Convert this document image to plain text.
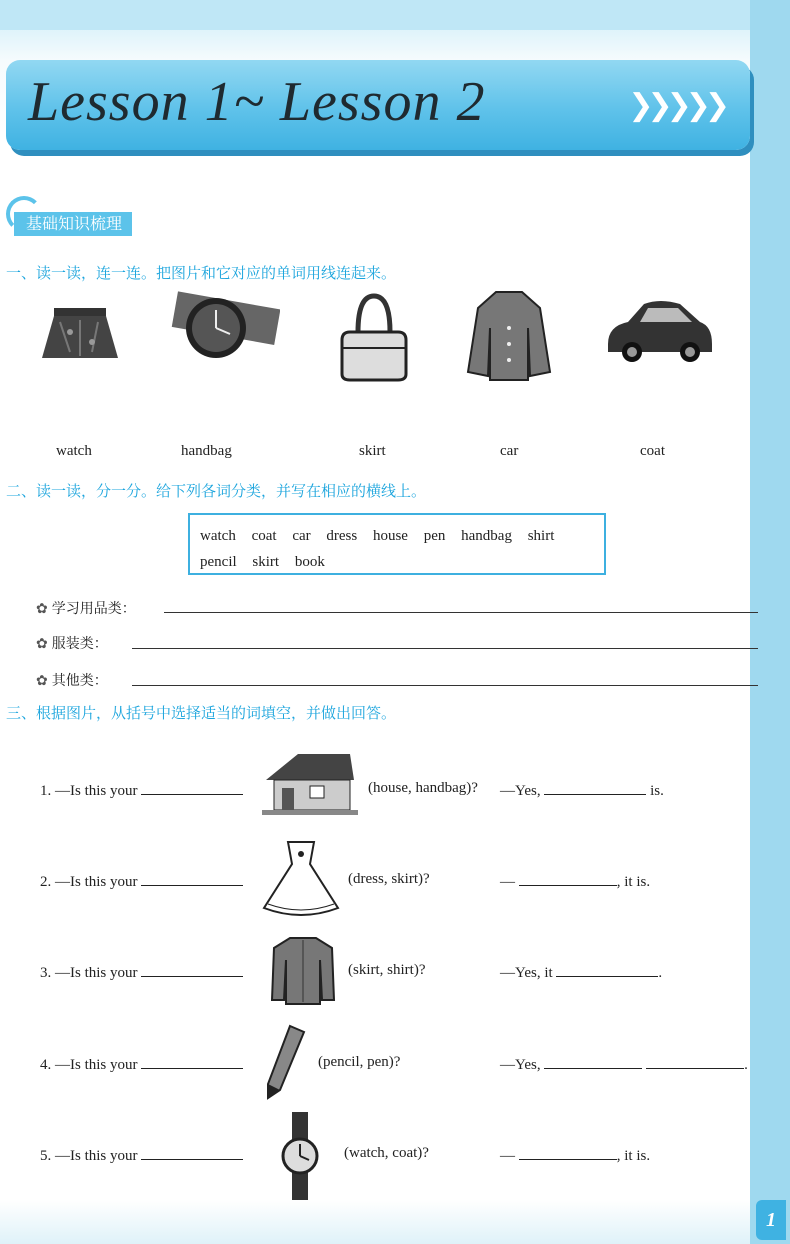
Lesson 1~ Lesson 2	❯❯❯❯❯
基础知识梳理
一、读一读，连一连。把图片和它对应的单词用线连起来。
watch	handbag	skirt	car	coat
二、读一读，分一分。给下列各词分类，并写在相应的横线上。
watch coat car dress house pen handbag shirt
pencil skirt book
✿ 学习用品类：
✿ 服装类：
✿ 其他类：
三、根据图片，从括号中选择适当的词填空，并做出回答。
1. —Is this your	(house, handbag)? —Yes,	is.
2. —Is this your	(dress, skirt)?	—	, it is.
3. —Is this your	(skirt, shirt)?	—Yes, it	.
4. —Is this your	(pencil, pen)?	—Yes,	.
5. —Is this your	(watch, coat)?	—	, it is.
1
